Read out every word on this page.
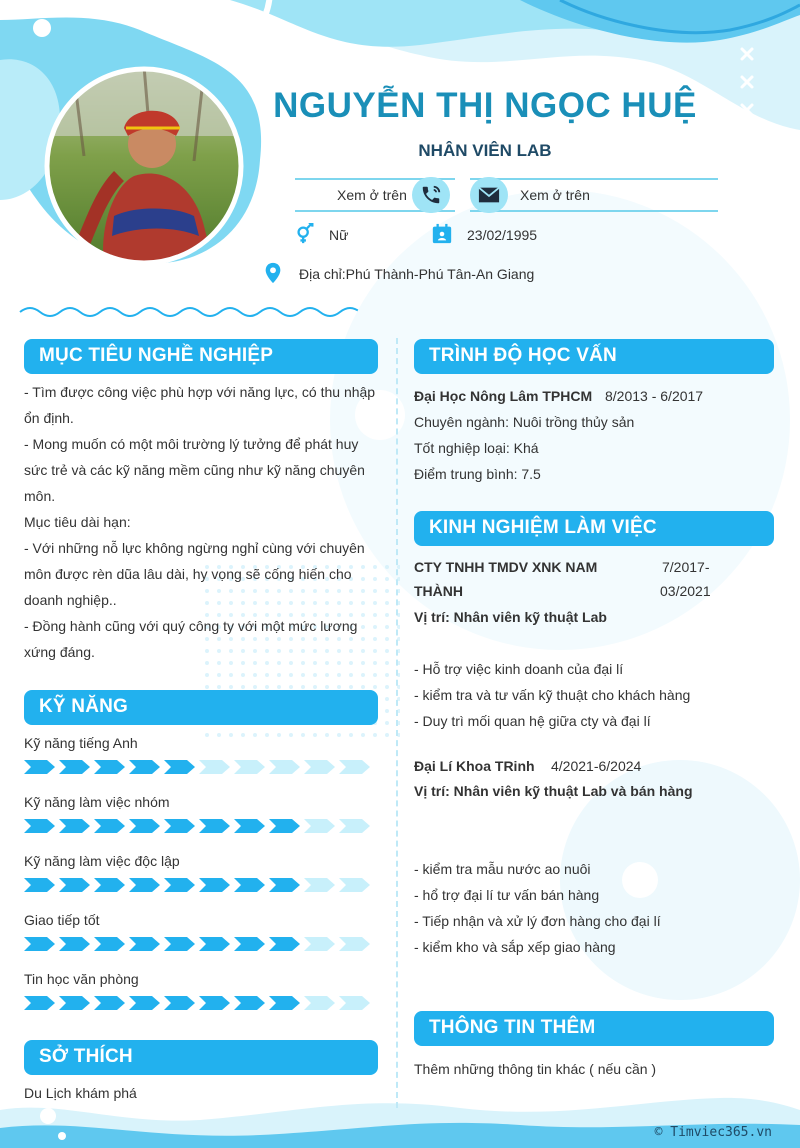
NGUYỄN THỊ NGỌC HUỆ
NHÂN VIÊN LAB
Xem ở trên	Xem ở trên
Nữ	23/02/1995
Địa chỉ:Phú Thành-Phú Tân-An Giang
MỤC TIÊU NGHỀ NGHIỆP
- Tìm được công việc phù hợp với năng lực, có thu nhập
ổn định.
- Mong muốn có một môi trường lý tưởng để phát huy
sức trẻ và các kỹ năng mềm cũng như kỹ năng chuyên
môn.
Mục tiêu dài hạn:
- Với những nỗ lực không ngừng nghỉ cùng với chuyên
môn được rèn dũa lâu dài, hy vọng sẽ cống hiến cho
doanh nghiệp..
- Đồng hành cũng với quý công ty với một mức lương
xứng đáng.
KỸ NĂNG
Kỹ năng tiếng Anh
Kỹ năng làm việc nhóm
Kỹ năng làm việc độc lập
Giao tiếp tốt
Tin học văn phòng
SỞ THÍCH
Du Lịch khám phá
TRÌNH ĐỘ HỌC VẤN
Đại Học Nông Lâm TPHCM 8/2013 - 6/2017
Chuyên ngành: Nuôi trồng thủy sản
Tốt nghiệp loại: Khá
Điểm trung bình: 7.5
KINH NGHIỆM LÀM VIỆC
CTY TNHH TMDV XNK NAM
THÀNH
7/2017-
03/2021
Vị trí: Nhân viên kỹ thuật Lab
- Hỗ trợ việc kinh doanh của đại lí
- kiểm tra và tư vấn kỹ thuật cho khách hàng
- Duy trì mối quan hệ giữa cty và đại lí
Đại Lí Khoa TRinh 4/2021-6/2024
Vị trí: Nhân viên kỹ thuật Lab và bán hàng
- kiểm tra mẫu nước ao nuôi
- hổ trợ đại lí tư vấn bán hàng
- Tiếp nhận và xử lý đơn hàng cho đại lí
- kiểm kho và sắp xếp giao hàng
THÔNG TIN THÊM
Thêm những thông tin khác ( nếu cần )
© Timviec365.vn
